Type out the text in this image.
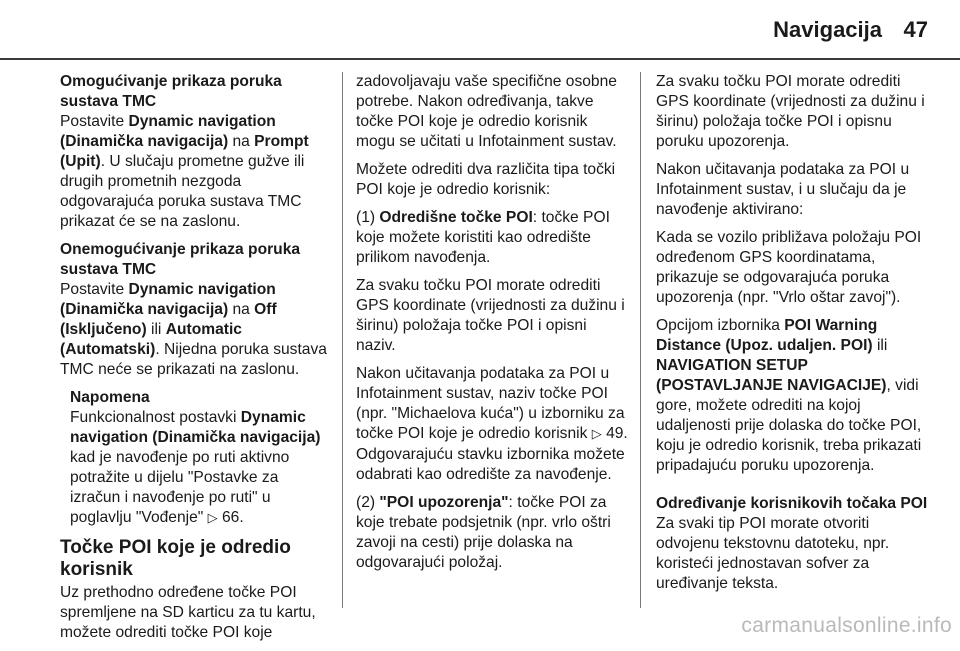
Navigacija 47
Omogućivanje prikaza poruka sustava TMC

Postavite Dynamic navigation (Dinamička navigacija) na Prompt (Upit). U slučaju prometne gužve ili drugih prometnih nezgoda odgovarajuća poruka sustava TMC prikazat će se na zaslonu.

Onemogućivanje prikaza poruka sustava TMC

Postavite Dynamic navigation (Dinamička navigacija) na Off (Isključeno) ili Automatic (Automatski). Nijedna poruka sustava TMC neće se prikazati na zaslonu.

Napomena

Funkcionalnost postavki Dynamic navigation (Dinamička navigacija) kad je navođenje po ruti aktivno potražite u dijelu "Postavke za izračun i navođenje po ruti" u poglavlju "Vođenje" ▷ 66.

Točke POI koje je odredio korisnik

Uz prethodno određene točke POI spremljene na SD karticu za tu kartu, možete odrediti točke POI koje

zadovoljavaju vaše specifične osobne potrebe. Nakon određivanja, takve točke POI koje je odredio korisnik mogu se učitati u Infotainment sustav.

Možete odrediti dva različita tipa točki POI koje je odredio korisnik:

(1) Odredišne točke POI: točke POI koje možete koristiti kao odredište prilikom navođenja.

Za svaku točku POI morate odrediti GPS koordinate (vrijednosti za dužinu i širinu) položaja točke POI i opisni naziv.

Nakon učitavanja podataka za POI u Infotainment sustav, naziv točke POI (npr. "Michaelova kuća") u izborniku za točke POI koje je odredio korisnik ▷ 49. Odgovarajuću stavku izbornika možete odabrati kao odredište za navođenje.

(2) "POI upozorenja": točke POI za koje trebate podsjetnik (npr. vrlo oštri zavoji na cesti) prije dolaska na odgovarajući položaj.

Za svaku točku POI morate odrediti GPS koordinate (vrijednosti za dužinu i širinu) položaja točke POI i opisnu poruku upozorenja.

Nakon učitavanja podataka za POI u Infotainment sustav, i u slučaju da je navođenje aktivirano:

Kada se vozilo približava položaju POI određenom GPS koordinatama, prikazuje se odgovarajuća poruka upozorenja (npr. "Vrlo oštar zavoj").

Opcijom izbornika POI Warning Distance (Upoz. udaljen. POI) ili NAVIGATION SETUP (POSTAVLJANJE NAVIGACIJE), vidi gore, možete odrediti na kojoj udaljenosti prije dolaska do točke POI, koju je odredio korisnik, treba prikazati pripadajuću poruku upozorenja.

Određivanje korisnikovih točaka POI

Za svaki tip POI morate otvoriti odvojenu tekstovnu datoteku, npr. koristeći jednostavan sofver za uređivanje teksta.

carmanualsonline.info
